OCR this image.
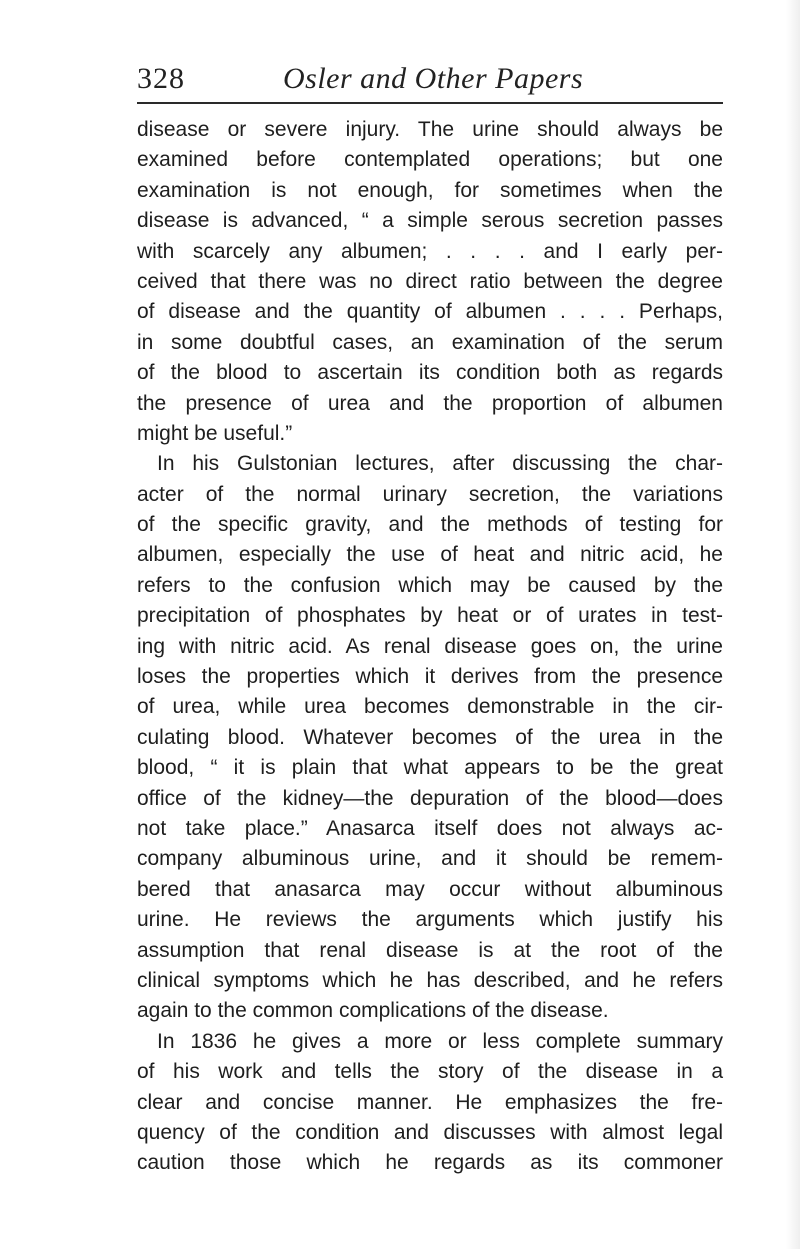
328	Osler and Other Papers
disease or severe injury. The urine should always be
examined before contemplated operations; but one
examination is not enough, for sometimes when the
disease is advanced, “ a simple serous secretion passes
with scarcely any albumen; . . . . and I early per-
ceived that there was no direct ratio between the degree
of disease and the quantity of albumen . . . . Perhaps,
in some doubtful cases, an examination of the serum
of the blood to ascertain its condition both as regards
the presence of urea and the proportion of albumen
might be useful.”
In his Gulstonian lectures, after discussing the char-
acter of the normal urinary secretion, the variations
of the specific gravity, and the methods of testing for
albumen, especially the use of heat and nitric acid, he
refers to the confusion which may be caused by the
precipitation of phosphates by heat or of urates in test-
ing with nitric acid. As renal disease goes on, the urine
loses the properties which it derives from the presence
of urea, while urea becomes demonstrable in the cir-
culating blood. Whatever becomes of the urea in the
blood, “ it is plain that what appears to be the great
office of the kidney—the depuration of the blood—does
not take place.” Anasarca itself does not always ac-
company albuminous urine, and it should be remem-
bered that anasarca may occur without albuminous
urine. He reviews the arguments which justify his
assumption that renal disease is at the root of the
clinical symptoms which he has described, and he refers
again to the common complications of the disease.
In 1836 he gives a more or less complete summary
of his work and tells the story of the disease in a
clear and concise manner. He emphasizes the fre-
quency of the condition and discusses with almost legal
caution those which he regards as its commoner
